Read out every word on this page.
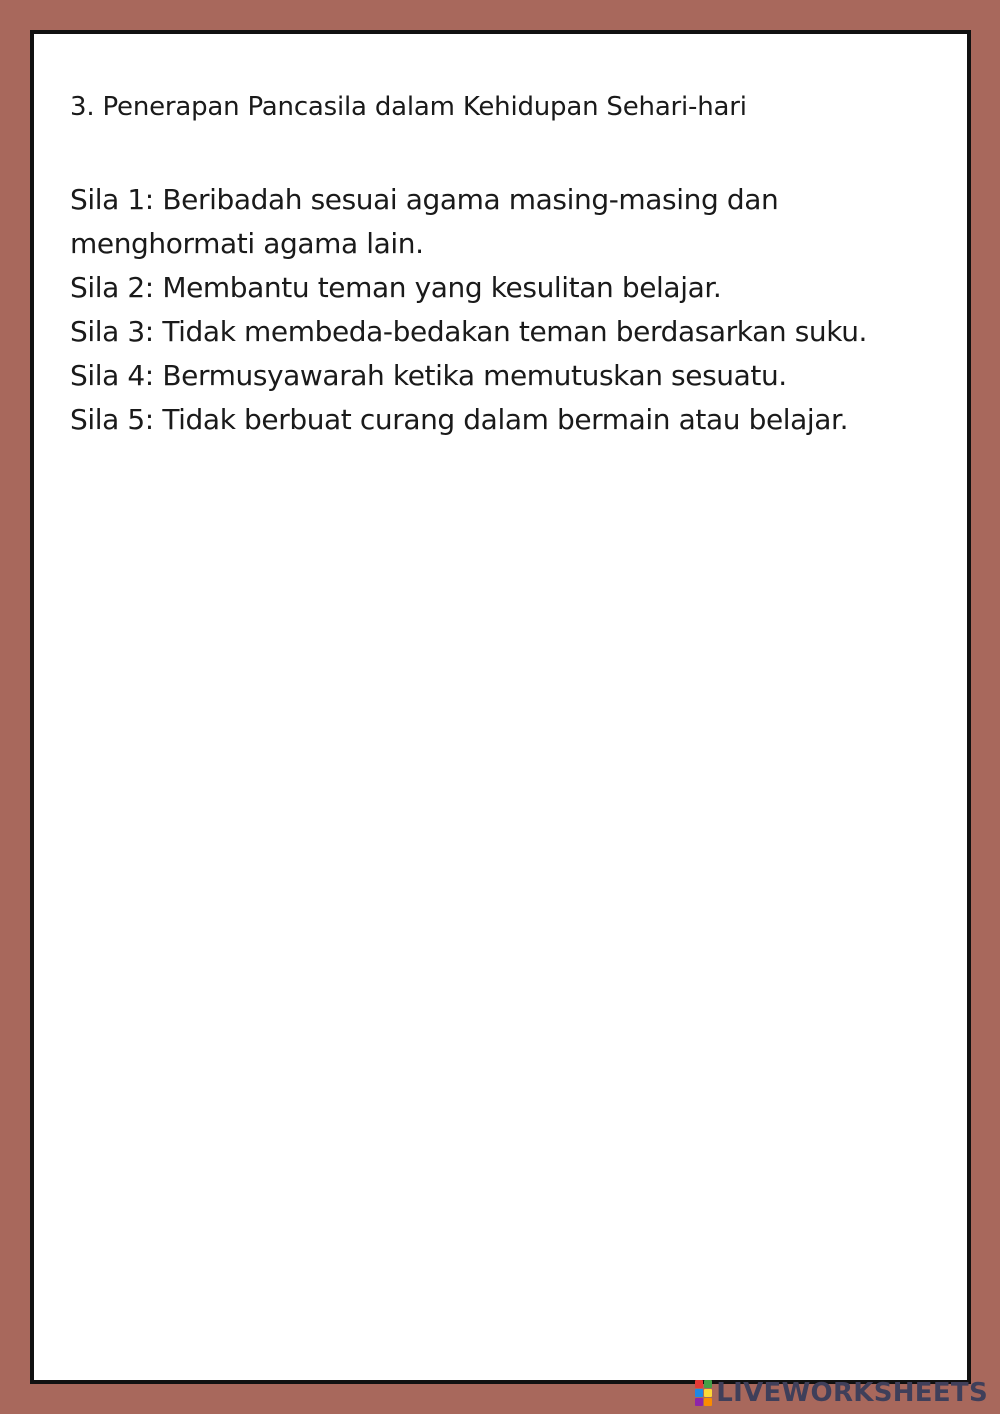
3. Penerapan Pancasila dalam Kehidupan Sehari-hari

Sila 1: Beribadah sesuai agama masing-masing dan

menghormati agama lain.

Sila 2: Membantu teman yang kesulitan belajar.

Sila 3: Tidak membeda-bedakan teman berdasarkan suku.

Sila 4: Bermusyawarah ketika memutuskan sesuatu.

Sila 5: Tidak berbuat curang dalam bermain atau belajar.

LIVEWORKSHEETS
